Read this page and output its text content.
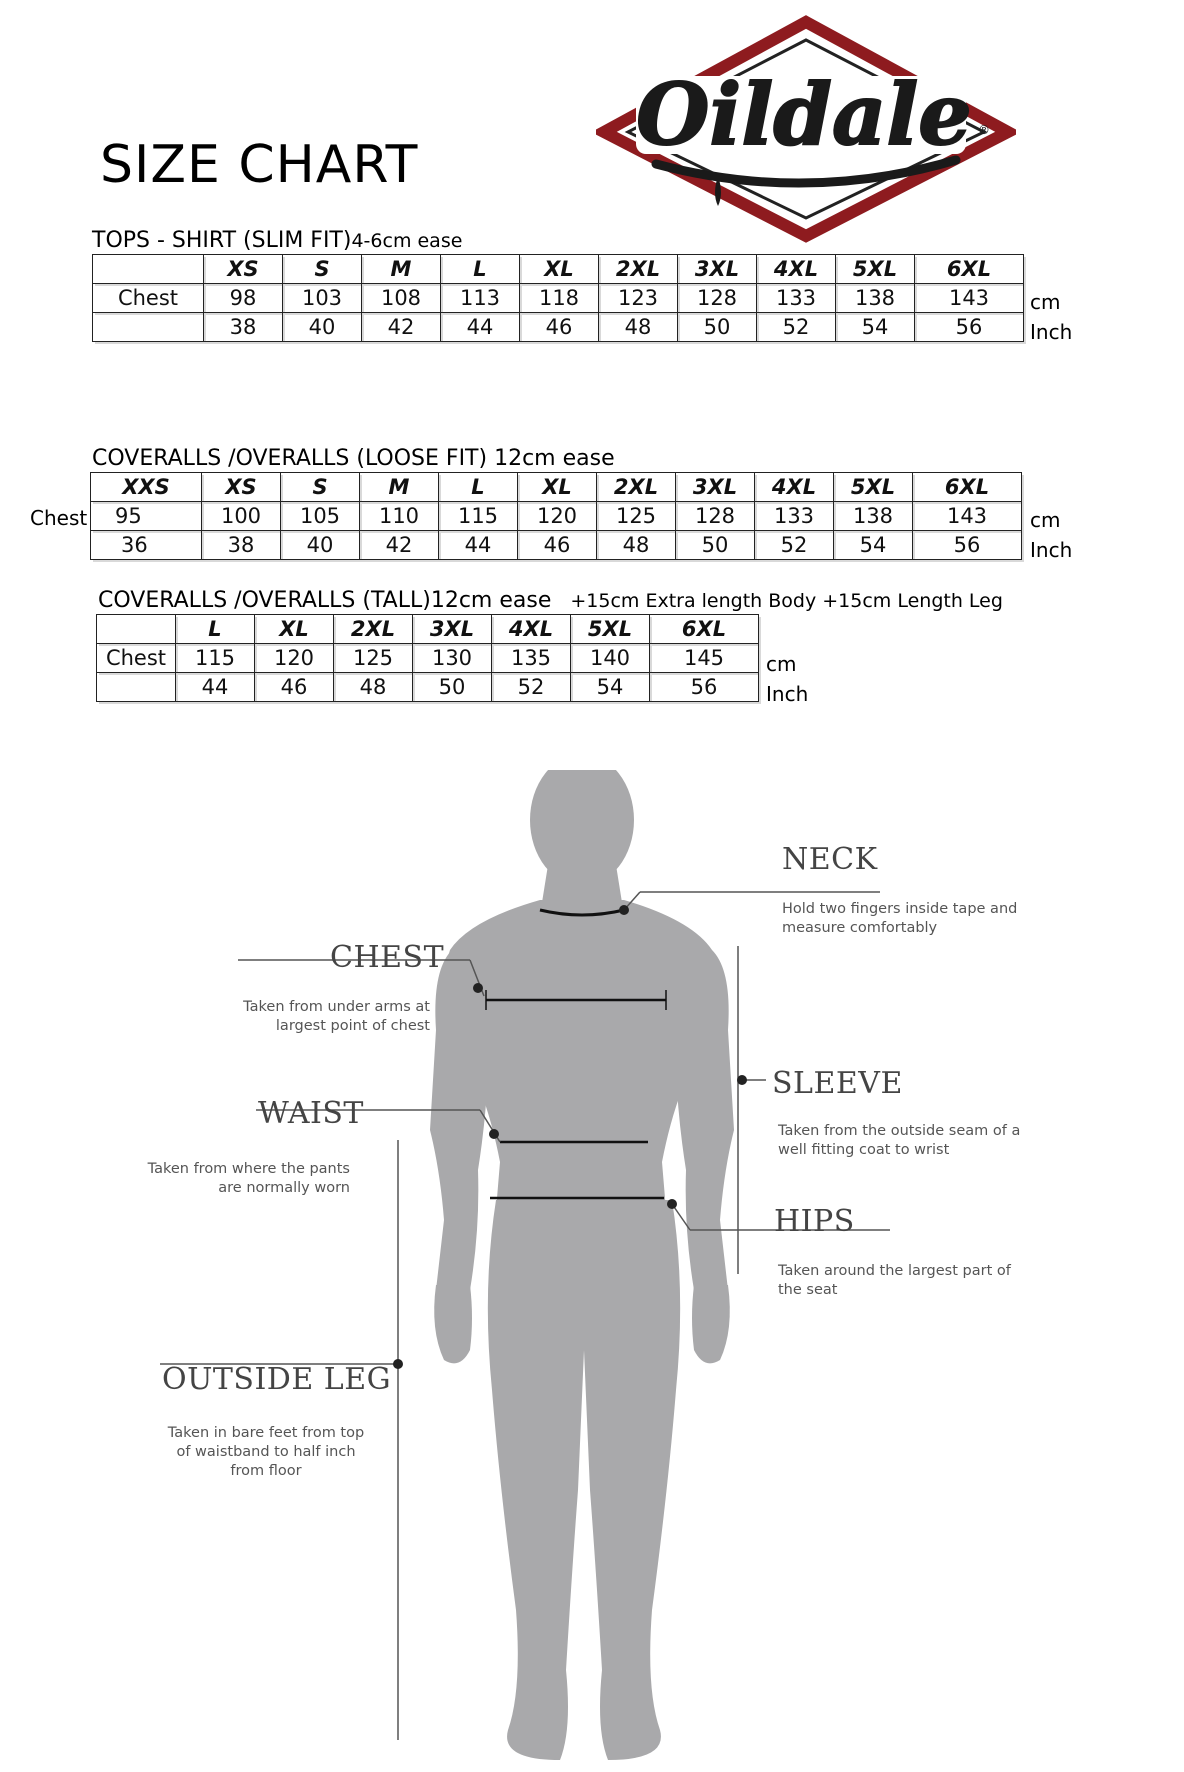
SIZE CHART
Oildale ®
TOPS - SHIRT (SLIM FIT)4-6cm ease
	XS	S	M	L	XL	2XL	3XL	4XL	5XL	6XL
Chest	98	103	108	113	118	123	128	133	138	143
	38	40	42	44	46	48	50	52	54	56
cm
Inch
COVERALLS /OVERALLS (LOOSE FIT) 12cm ease
Chest
XXS	XS	S	M	L	XL	2XL	3XL	4XL	5XL	6XL
95	100	105	110	115	120	125	128	133	138	143
36	38	40	42	44	46	48	50	52	54	56
cm
Inch
COVERALLS /OVERALLS (TALL)12cm ease +15cm Extra length Body +15cm Length Leg
	L	XL	2XL	3XL	4XL	5XL	6XL
Chest	115	120	125	130	135	140	145
	44	46	48	50	52	54	56
cm
Inch
NECK
Hold two fingers inside tape and
measure comfortably
CHEST
Taken from under arms at
largest point of chest
SLEEVE
Taken from the outside seam of a
well fitting coat to wrist
WAIST
Taken from where the pants
are normally worn
HIPS
Taken around the largest part of
the seat
OUTSIDE LEG
Taken in bare feet from top
of waistband to half inch
from floor
